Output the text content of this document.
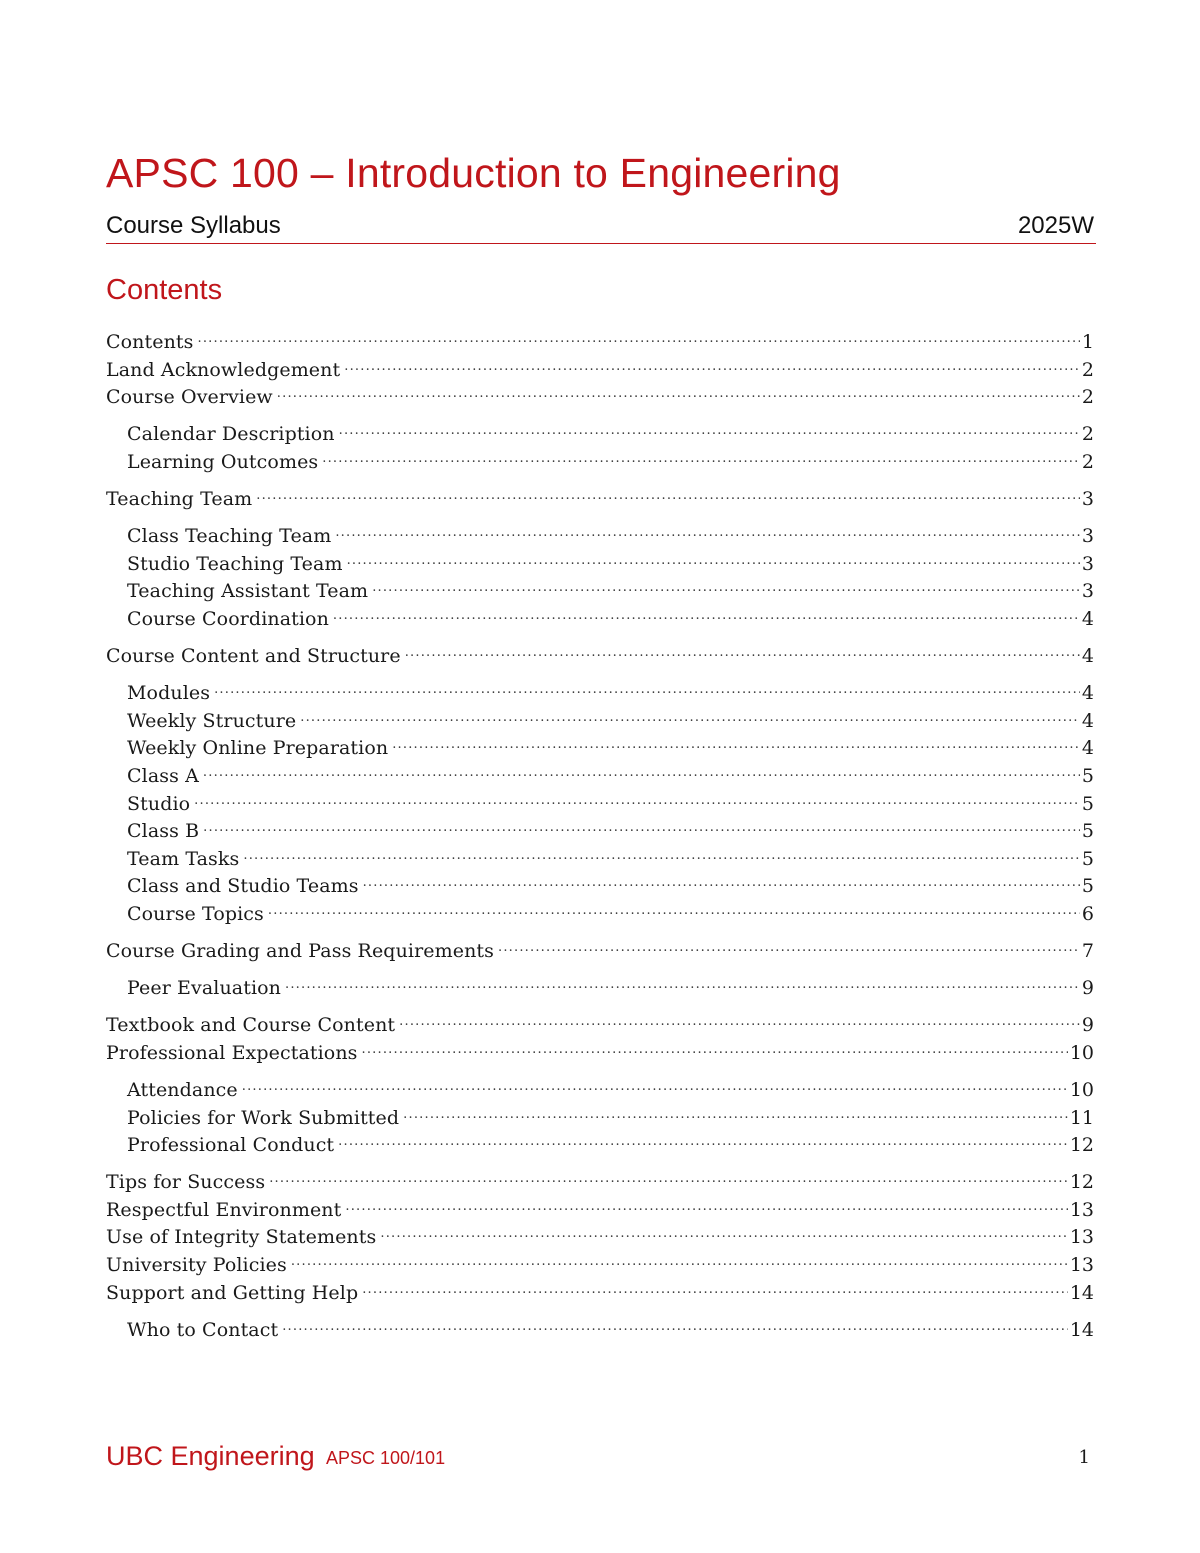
APSC 100 – Introduction to Engineering
Course Syllabus	2025W
Contents
Contents .....	1
Land Acknowledgement .....	2
Course Overview .....	2
Calendar Description .....	2
Learning Outcomes .....	2
Teaching Team .....	3
Class Teaching Team .....	3
Studio Teaching Team .....	3
Teaching Assistant Team .....	3
Course Coordination .....	4
Course Content and Structure .....	4
Modules .....	4
Weekly Structure .....	4
Weekly Online Preparation .....	4
Class A .....	5
Studio .....	5
Class B .....	5
Team Tasks .....	5
Class and Studio Teams .....	5
Course Topics .....	6
Course Grading and Pass Requirements .....	7
Peer Evaluation .....	9
Textbook and Course Content .....	9
Professional Expectations .....	10
Attendance .....	10
Policies for Work Submitted .....	11
Professional Conduct .....	12
Tips for Success .....	12
Respectful Environment .....	13
Use of Integrity Statements .....	13
University Policies .....	13
Support and Getting Help .....	14
Who to Contact .....	14
UBC Engineering APSC 100/101	1
